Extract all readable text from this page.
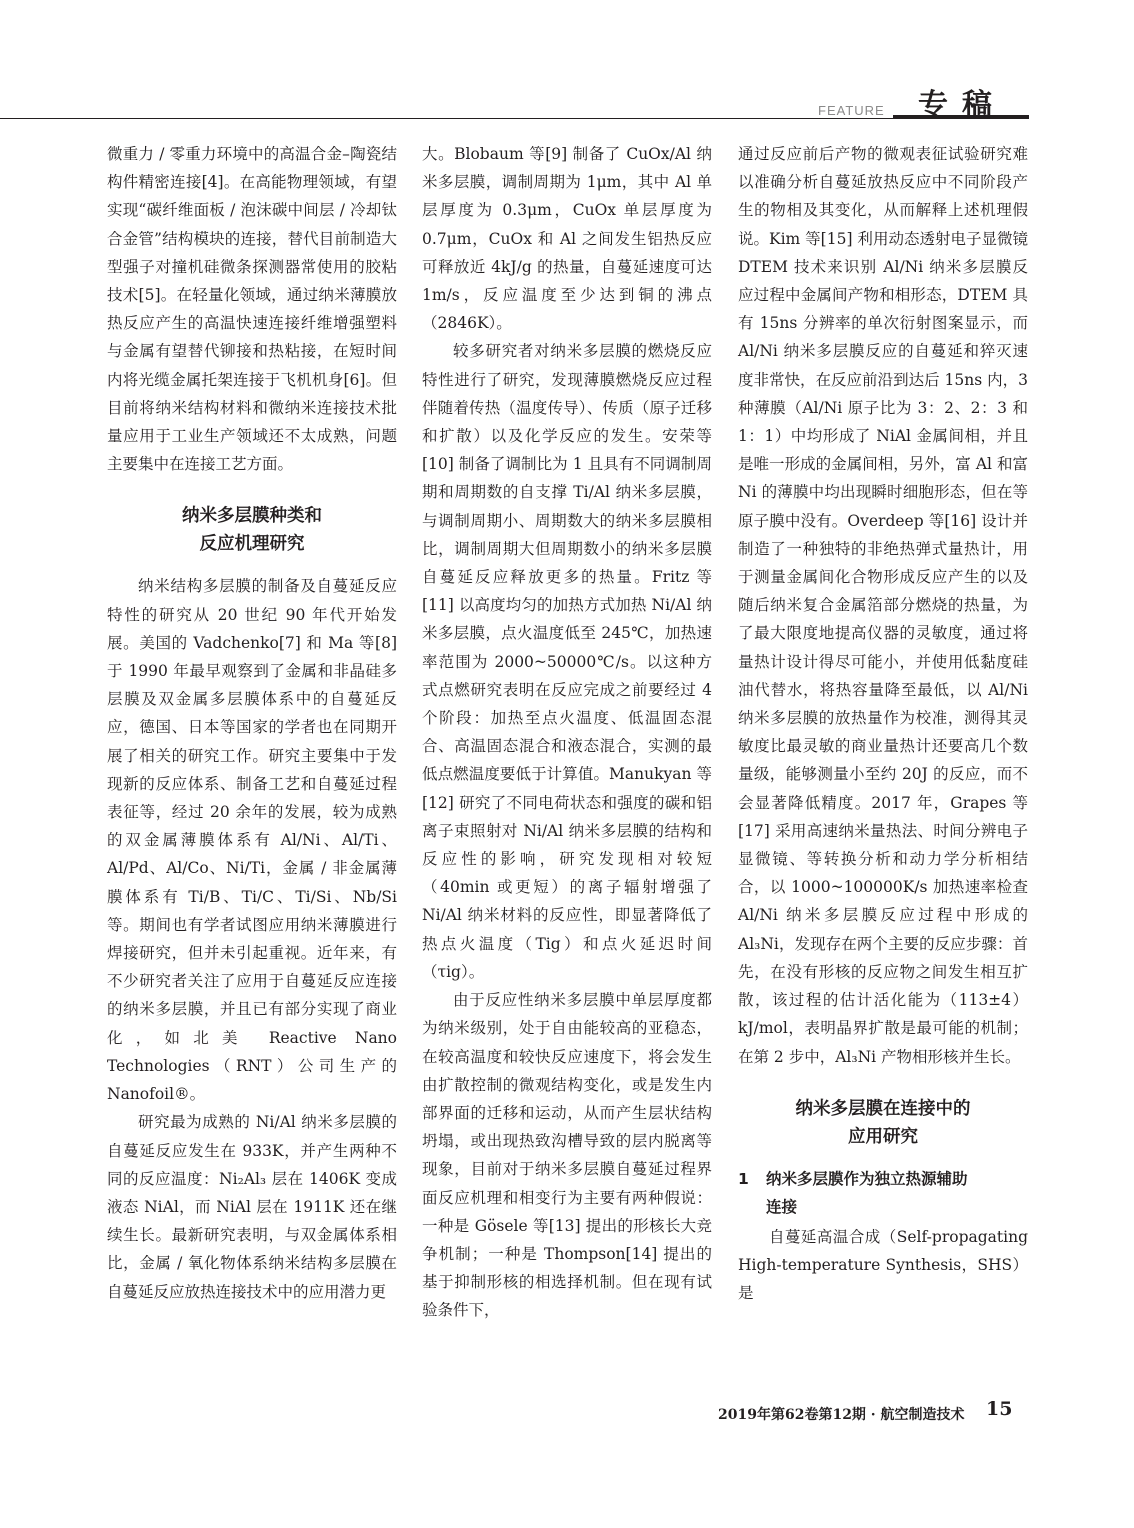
FEATURE 专稿

微重力 / 零重力环境中的高温合金–陶瓷结构件精密连接[4]。在高能物理领域，有望实现“碳纤维面板 / 泡沫碳中间层 / 冷却钛合金管”结构模块的连接，替代目前制造大型强子对撞机硅微条探测器常使用的胶粘技术[5]。在轻量化领域，通过纳米薄膜放热反应产生的高温快速连接纤维增强塑料与金属有望替代铆接和热粘接，在短时间内将光缆金属托架连接于飞机机身[6]。但目前将纳米结构材料和微纳米连接技术批量应用于工业生产领域还不太成熟，问题主要集中在连接工艺方面。

纳米多层膜种类和
反应机理研究

纳米结构多层膜的制备及自蔓延反应特性的研究从 20 世纪 90 年代开始发展。美国的 Vadchenko[7] 和 Ma 等[8] 于 1990 年最早观察到了金属和非晶硅多层膜及双金属多层膜体系中的自蔓延反应，德国、日本等国家的学者也在同期开展了相关的研究工作。研究主要集中于发现新的反应体系、制备工艺和自蔓延过程表征等，经过 20 余年的发展，较为成熟的双金属薄膜体系有 Al/Ni、Al/Ti、Al/Pd、Al/Co、Ni/Ti，金属 / 非金属薄膜体系有 Ti/B、Ti/C、Ti/Si、Nb/Si 等。期间也有学者试图应用纳米薄膜进行焊接研究，但并未引起重视。近年来，有不少研究者关注了应用于自蔓延反应连接的纳米多层膜，并且已有部分实现了商业化，如北美 Reactive Nano Technologies（RNT）公司生产的 Nanofoil®。

研究最为成熟的 Ni/Al 纳米多层膜的自蔓延反应发生在 933K，并产生两种不同的反应温度：Ni₂Al₃ 层在 1406K 变成液态 NiAl，而 NiAl 层在 1911K 还在继续生长。最新研究表明，与双金属体系相比，金属 / 氧化物体系纳米结构多层膜在自蔓延反应放热连接技术中的应用潜力更

大。Blobaum 等[9] 制备了 CuOx/Al 纳米多层膜，调制周期为 1μm，其中 Al 单层厚度为 0.3μm，CuOx 单层厚度为 0.7μm，CuOx 和 Al 之间发生铝热反应可释放近 4kJ/g 的热量，自蔓延速度可达 1m/s，反应温度至少达到铜的沸点（2846K）。

较多研究者对纳米多层膜的燃烧反应特性进行了研究，发现薄膜燃烧反应过程伴随着传热（温度传导）、传质（原子迁移和扩散）以及化学反应的发生。安荣等[10] 制备了调制比为 1 且具有不同调制周期和周期数的自支撑 Ti/Al 纳米多层膜，与调制周期小、周期数大的纳米多层膜相比，调制周期大但周期数小的纳米多层膜自蔓延反应释放更多的热量。Fritz 等[11] 以高度均匀的加热方式加热 Ni/Al 纳米多层膜，点火温度低至 245℃，加热速率范围为 2000~50000℃/s。以这种方式点燃研究表明在反应完成之前要经过 4 个阶段：加热至点火温度、低温固态混合、高温固态混合和液态混合，实测的最低点燃温度要低于计算值。Manukyan 等[12] 研究了不同电荷状态和强度的碳和铝离子束照射对 Ni/Al 纳米多层膜的结构和反应性的影响，研究发现相对较短（40min 或更短）的离子辐射增强了 Ni/Al 纳米材料的反应性，即显著降低了热点火温度（Tig）和点火延迟时间（τig）。

由于反应性纳米多层膜中单层厚度都为纳米级别，处于自由能较高的亚稳态，在较高温度和较快反应速度下，将会发生由扩散控制的微观结构变化，或是发生内部界面的迁移和运动，从而产生层状结构坍塌，或出现热致沟槽导致的层内脱离等现象，目前对于纳米多层膜自蔓延过程界面反应机理和相变行为主要有两种假说：一种是 Gösele 等[13] 提出的形核长大竞争机制；一种是 Thompson[14] 提出的基于抑制形核的相选择机制。但在现有试验条件下，

通过反应前后产物的微观表征试验研究难以准确分析自蔓延放热反应中不同阶段产生的物相及其变化，从而解释上述机理假说。Kim 等[15] 利用动态透射电子显微镜 DTEM 技术来识别 Al/Ni 纳米多层膜反应过程中金属间产物和相形态，DTEM 具有 15ns 分辨率的单次衍射图案显示，而 Al/Ni 纳米多层膜反应的自蔓延和猝灭速度非常快，在反应前沿到达后 15ns 内，3 种薄膜（Al/Ni 原子比为 3：2、2：3 和 1：1）中均形成了 NiAl 金属间相，并且是唯一形成的金属间相，另外，富 Al 和富 Ni 的薄膜中均出现瞬时细胞形态，但在等原子膜中没有。Overdeep 等[16] 设计并制造了一种独特的非绝热弹式量热计，用于测量金属间化合物形成反应产生的以及随后纳米复合金属箔部分燃烧的热量，为了最大限度地提高仪器的灵敏度，通过将量热计设计得尽可能小，并使用低黏度硅油代替水，将热容量降至最低，以 Al/Ni 纳米多层膜的放热量作为校准，测得其灵敏度比最灵敏的商业量热计还要高几个数量级，能够测量小至约 20J 的反应，而不会显著降低精度。2017 年，Grapes 等[17] 采用高速纳米量热法、时间分辨电子显微镜、等转换分析和动力学分析相结合，以 1000~100000K/s 加热速率检查 Al/Ni 纳米多层膜反应过程中形成的 Al₃Ni，发现存在两个主要的反应步骤：首先，在没有形核的反应物之间发生相互扩散，该过程的估计活化能为（113±4）kJ/mol，表明晶界扩散是最可能的机制；在第 2 步中，Al₃Ni 产物相形核并生长。

纳米多层膜在连接中的
应用研究
1 纳米多层膜作为独立热源辅助
连接

自蔓延高温合成（Self-propagating High-temperature Synthesis，SHS）是

2019年第62卷第12期 · 航空制造技术 15
